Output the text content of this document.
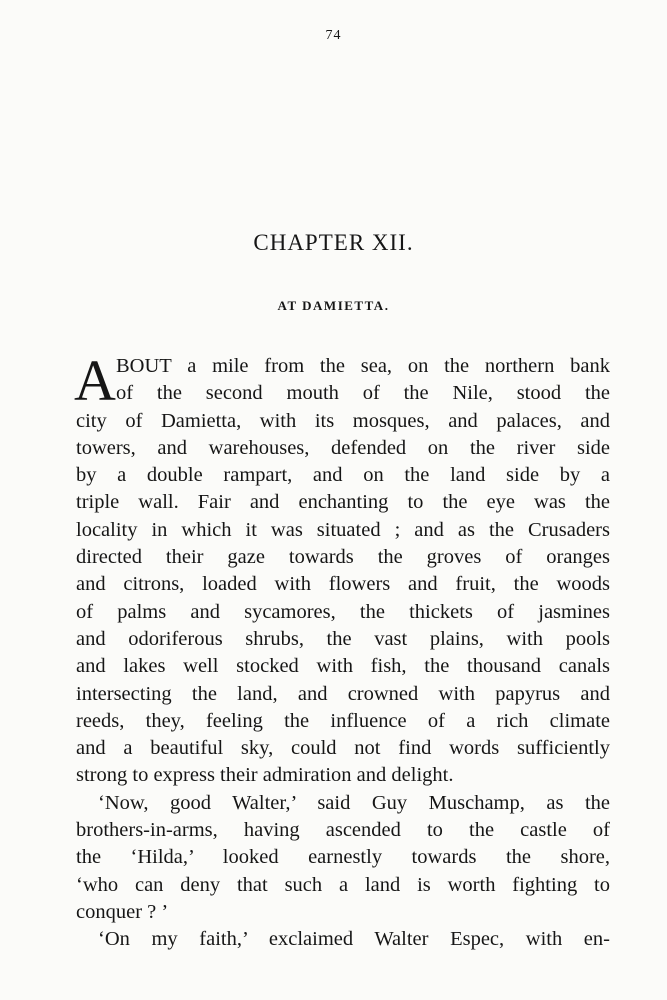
74
CHAPTER XII.
AT DAMIETTA.
A BOUT a mile from the sea, on the northern bank
of the second mouth of the Nile, stood the
city of Damietta, with its mosques, and palaces, and
towers, and warehouses, defended on the river side
by a double rampart, and on the land side by a
triple wall. Fair and enchanting to the eye was the
locality in which it was situated ; and as the Crusaders
directed their gaze towards the groves of oranges
and citrons, loaded with flowers and fruit, the woods
of palms and sycamores, the thickets of jasmines
and odoriferous shrubs, the vast plains, with pools
and lakes well stocked with fish, the thousand canals
intersecting the land, and crowned with papyrus and
reeds, they, feeling the influence of a rich climate
and a beautiful sky, could not find words sufficiently
strong to express their admiration and delight.
‘Now, good Walter,’ said Guy Muschamp, as the
brothers-in-arms, having ascended to the castle of
the ‘Hilda,’ looked earnestly towards the shore,
‘who can deny that such a land is worth fighting to
conquer ? ’
‘On my faith,’ exclaimed Walter Espec, with en-
